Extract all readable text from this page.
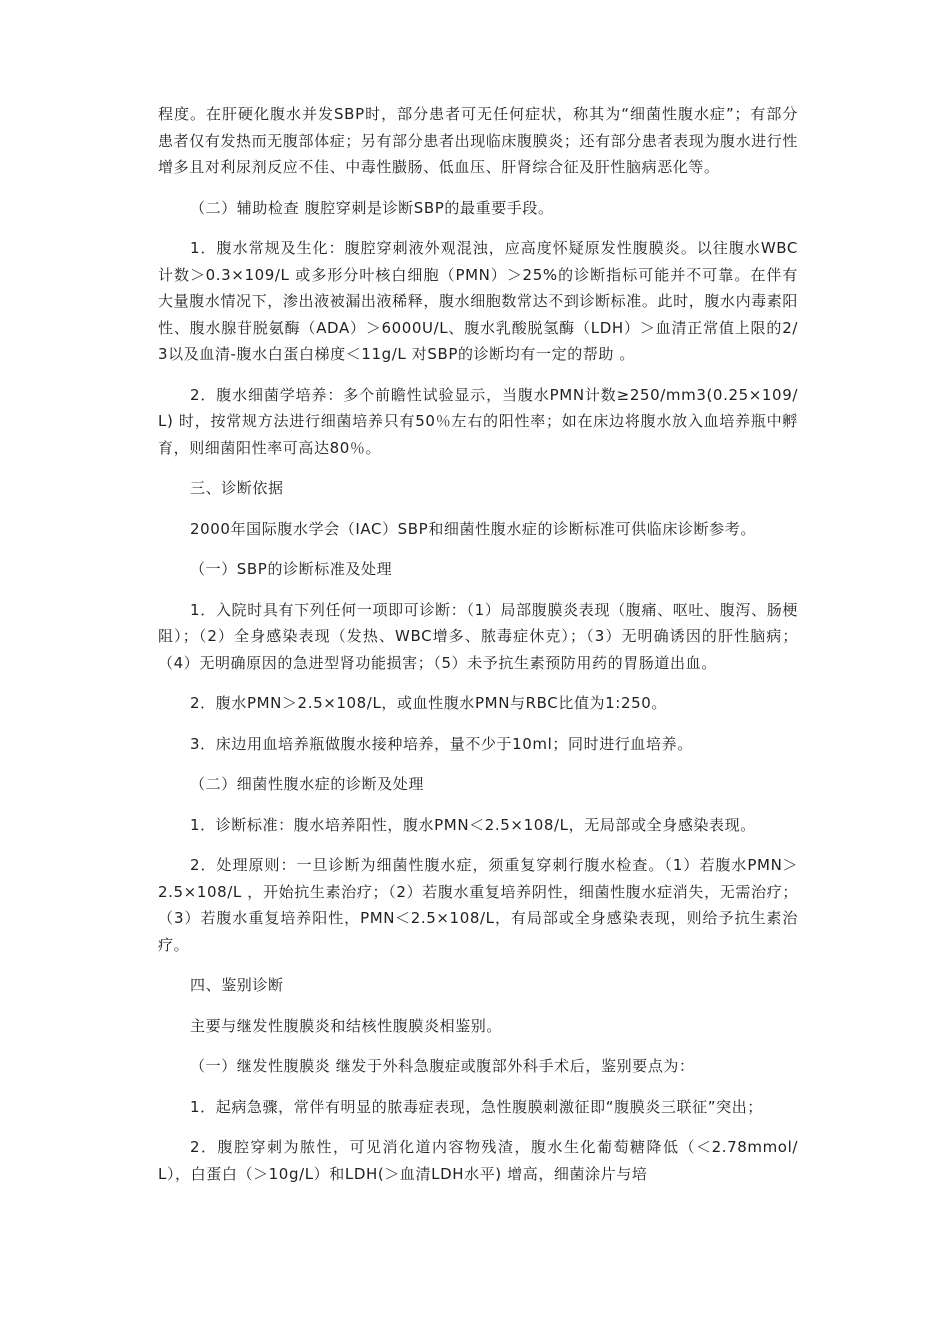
程度。在肝硬化腹水并发SBP时，部分患者可无任何症状，称其为“细菌性腹水症”；有部分患者仅有发热而无腹部体症；另有部分患者出现临床腹膜炎；还有部分患者表现为腹水进行性增多且对利尿剂反应不佳、中毒性臌肠、低血压、肝肾综合征及肝性脑病恶化等。

（二）辅助检查 腹腔穿刺是诊断SBP的最重要手段。

1．腹水常规及生化：腹腔穿刺液外观混浊，应高度怀疑原发性腹膜炎。以往腹水WBC 计数＞0.3×109/L 或多形分叶核白细胞（PMN）＞25%的诊断指标可能并不可靠。在伴有大量腹水情况下，渗出液被漏出液稀释，腹水细胞数常达不到诊断标准。此时，腹水内毒素阳性、腹水腺苷脱氨酶（ADA）＞6000U/L、腹水乳酸脱氢酶（LDH）＞血清正常值上限的2/3以及血清-腹水白蛋白梯度＜11g/L 对SBP的诊断均有一定的帮助 。

2．腹水细菌学培养：多个前瞻性试验显示，当腹水PMN计数≥250/mm3(0.25×109/L) 时，按常规方法进行细菌培养只有50％左右的阳性率；如在床边将腹水放入血培养瓶中孵育，则细菌阳性率可高达80％。

三、诊断依据

2000年国际腹水学会（IAC）SBP和细菌性腹水症的诊断标准可供临床诊断参考。

（一）SBP的诊断标准及处理

1．入院时具有下列任何一项即可诊断：（1）局部腹膜炎表现（腹痛、呕吐、腹泻、肠梗阻）；（2）全身感染表现（发热、WBC增多、脓毒症休克）；（3）无明确诱因的肝性脑病；（4）无明确原因的急进型肾功能损害；（5）未予抗生素预防用药的胃肠道出血。

2．腹水PMN＞2.5×108/L，或血性腹水PMN与RBC比值为1:250。

3．床边用血培养瓶做腹水接种培养，量不少于10ml；同时进行血培养。

（二）细菌性腹水症的诊断及处理

1．诊断标准：腹水培养阳性，腹水PMN＜2.5×108/L，无局部或全身感染表现。

2．处理原则：一旦诊断为细菌性腹水症，须重复穿刺行腹水检查。（1）若腹水PMN＞2.5×108/L ，开始抗生素治疗；（2）若腹水重复培养阴性，细菌性腹水症消失，无需治疗；（3）若腹水重复培养阳性，PMN＜2.5×108/L，有局部或全身感染表现，则给予抗生素治疗。

四、鉴别诊断

主要与继发性腹膜炎和结核性腹膜炎相鉴别。

（一）继发性腹膜炎 继发于外科急腹症或腹部外科手术后，鉴别要点为：

1．起病急骤，常伴有明显的脓毒症表现，急性腹膜刺激征即“腹膜炎三联征”突出；

2．腹腔穿刺为脓性，可见消化道内容物残渣，腹水生化葡萄糖降低（＜2.78mmol/L），白蛋白（＞10g/L）和LDH(＞血清LDH水平) 增高，细菌涂片与培
